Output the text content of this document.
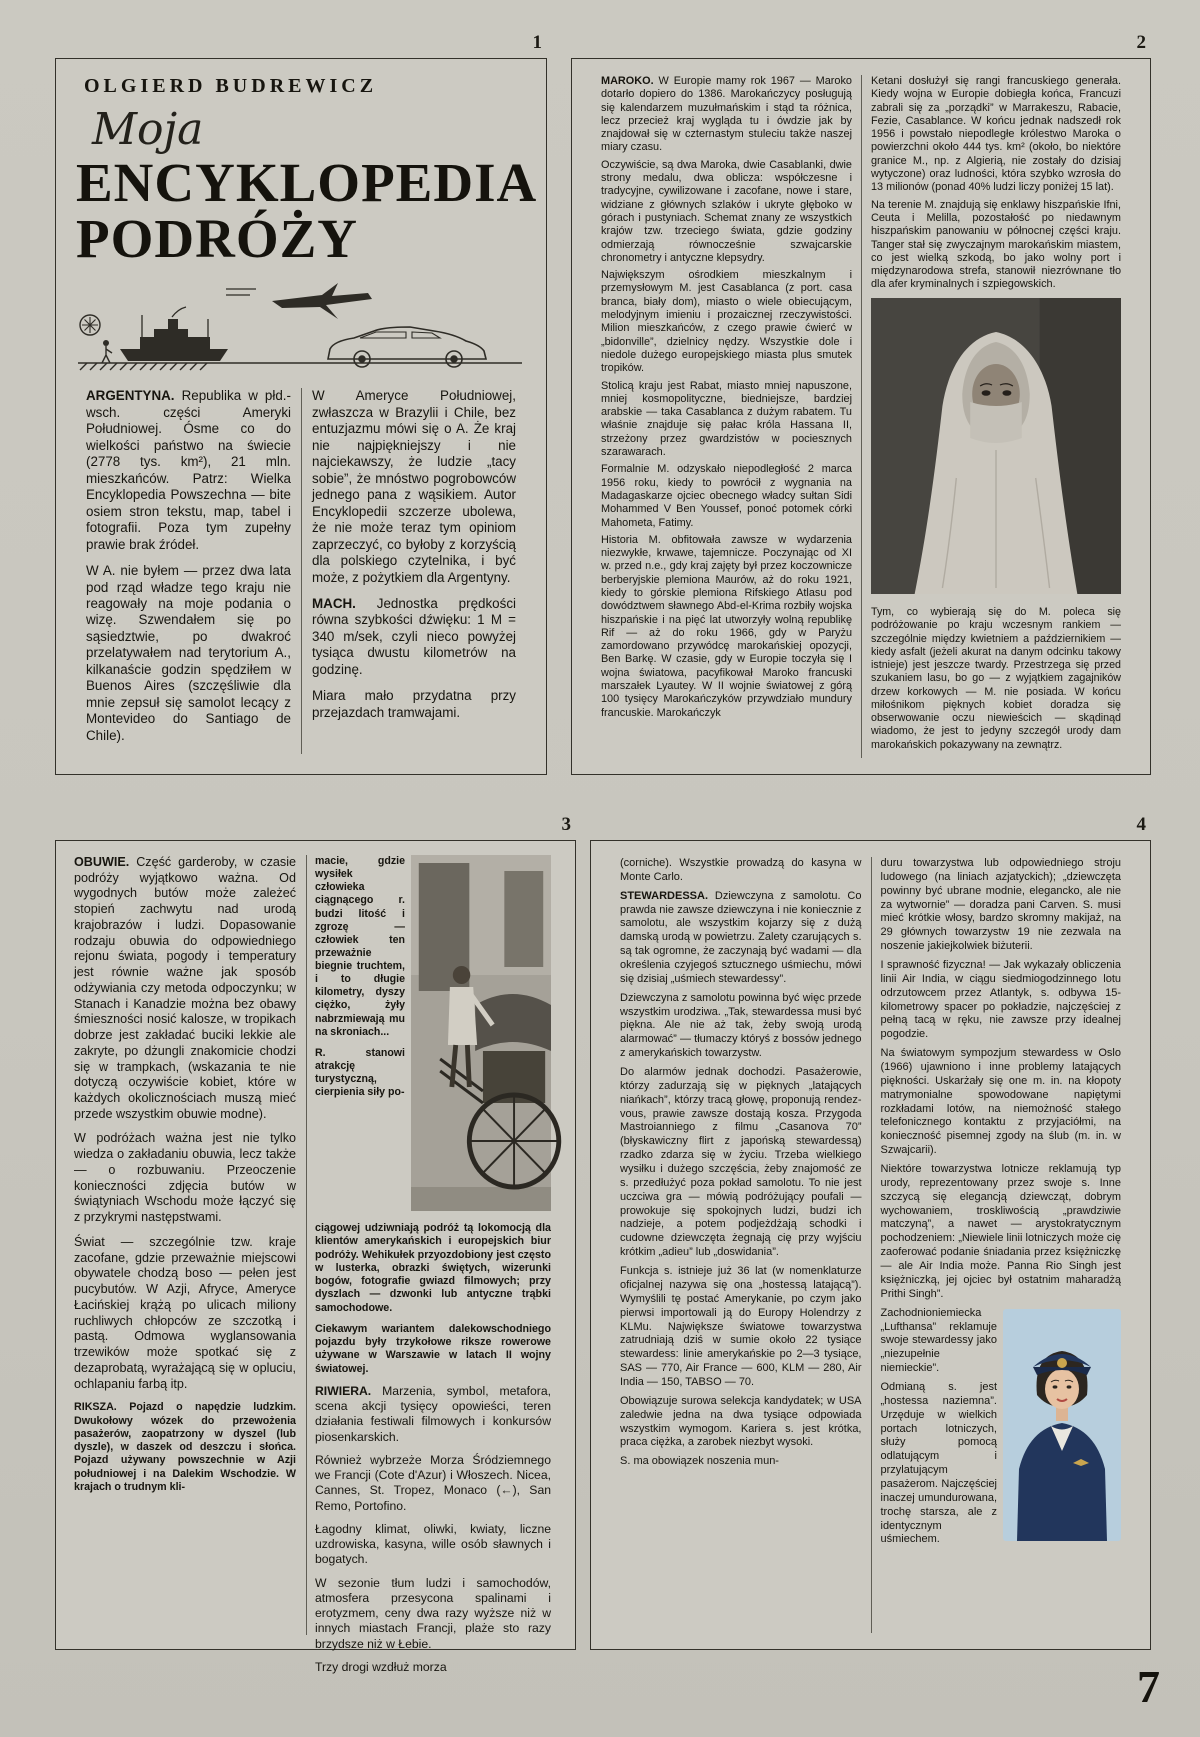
1
OLGIERD BUDREWICZ
Moja
ENCYKLOPEDIA
PODRÓŻY

ARGENTYNA. Republika w płd.-wsch. części Ameryki Południowej. Ósme co do wielkości państwo na świecie (2778 tys. km²), 21 mln. mieszkańców. Patrz: Wielka Encyklopedia Powszechna — bite osiem stron tekstu, map, tabel i fotografii. Poza tym zupełny prawie brak źródeł.

W A. nie byłem — przez dwa lata pod rząd władze tego kraju nie reagowały na moje podania o wizę. Szwendałem się po sąsiedztwie, po dwakroć przelatywałem nad terytorium A., kilkanaście godzin spędziłem w Buenos Aires (szczęśliwie dla mnie zepsuł się samolot lecący z Montevideo do Santiago de Chile).

W Ameryce Południowej, zwłaszcza w Brazylii i Chile, bez entuzjazmu mówi się o A. Że kraj nie najpiękniejszy i nie najciekawszy, że ludzie „tacy sobie”, że mnóstwo pogrobowców jednego pana z wąsikiem. Autor Encyklopedii szczerze ubolewa, że nie może teraz tym opiniom zaprzeczyć, co byłoby z korzyścią dla polskiego czytelnika, i być może, z pożytkiem dla Argentyny.

MACH. Jednostka prędkości równa szybkości dźwięku: 1 M = 340 m/sek, czyli nieco powyżej tysiąca dwustu kilometrów na godzinę.

Miara mało przydatna przy przejazdach tramwajami.

2

MAROKO. W Europie mamy rok 1967 — Maroko dotarło dopiero do 1386. Marokańczycy posługują się kalendarzem muzułmańskim i stąd ta różnica, lecz przecież kraj wygląda tu i ówdzie jak by znajdował się w czternastym stuleciu także naszej miary czasu.

Oczywiście, są dwa Maroka, dwie Casablanki, dwie strony medalu, dwa oblicza: współczesne i tradycyjne, cywilizowane i zacofane, nowe i stare, widziane z głównych szlaków i ukryte głęboko w górach i pustyniach. Schemat znany ze wszystkich krajów tzw. trzeciego świata, gdzie godziny odmierzają równocześnie szwajcarskie chronometry i antyczne klepsydry.

Największym ośrodkiem mieszkalnym i przemysłowym M. jest Casablanca (z port. casa branca, biały dom), miasto o wiele obiecującym, melodyjnym imieniu i prozaicznej rzeczywistości. Milion mieszkańców, z czego prawie ćwierć w „bidonville”, dzielnicy nędzy. Wszystkie dole i niedole dużego europejskiego miasta plus smutek tropików.

Stolicą kraju jest Rabat, miasto mniej napuszone, mniej kosmopolityczne, biedniejsze, bardziej arabskie — taka Casablanca z dużym rabatem. Tu właśnie znajduje się pałac króla Hassana II, strzeżony przez gwardzistów w pociesznych szarawarach.

Formalnie M. odzyskało niepodległość 2 marca 1956 roku, kiedy to powrócił z wygnania na Madagaskarze ojciec obecnego władcy sułtan Sidi Mohammed V Ben Youssef, ponoć potomek córki Mahometa, Fatimy.

Historia M. obfitowała zawsze w wydarzenia niezwykłe, krwawe, tajemnicze. Poczynając od XI w. przed n.e., gdy kraj zajęty był przez koczownicze berberyjskie plemiona Maurów, aż do roku 1921, kiedy to górskie plemiona Rifskiego Atlasu pod dowództwem sławnego Abd-el-Krima rozbiły wojska hiszpańskie i na pięć lat utworzyły wolną republikę Rif — aż do roku 1966, gdy w Paryżu zamordowano przywódcę marokańskiej opozycji, Ben Barkę. W czasie, gdy w Europie toczyła się I wojna światowa, pacyfikował Maroko francuski marszałek Lyautey. W II wojnie światowej z górą 100 tysięcy Marokańczyków przywdziało mundury francuskie. Marokańczyk

Ketani dosłużył się rangi francuskiego generała. Kiedy wojna w Europie dobiegła końca, Francuzi zabrali się za „porządki” w Marrakeszu, Rabacie, Fezie, Casablance. W końcu jednak nadszedł rok 1956 i powstało niepodległe królestwo Maroka o powierzchni około 444 tys. km² (około, bo niektóre granice M., np. z Algierią, nie zostały do dzisiaj wytyczone) oraz ludności, która szybko wzrosła do 13 milionów (ponad 40% ludzi liczy poniżej 15 lat).

Na terenie M. znajdują się enklawy hiszpańskie Ifni, Ceuta i Melilla, pozostałość po niedawnym hiszpańskim panowaniu w północnej części kraju. Tanger stał się zwyczajnym marokańskim miastem, co jest wielką szkodą, bo jako wolny port i międzynarodowa strefa, stanowił niezrównane tło dla afer kryminalnych i szpiegowskich.

Tym, co wybierają się do M. poleca się podróżowanie po kraju wczesnym rankiem — szczególnie między kwietniem a październikiem — kiedy asfalt (jeżeli akurat na danym odcinku takowy istnieje) jest jeszcze twardy. Przestrzega się przed szukaniem lasu, bo go — z wyjątkiem zagajników drzew korkowych — M. nie posiada. W końcu miłośnikom pięknych kobiet doradza się obserwowanie oczu niewieścich — skądinąd wiadomo, że jest to jedyny szczegół urody dam marokańskich pokazywany na zewnątrz.

3

OBUWIE. Część garderoby, w czasie podróży wyjątkowo ważna. Od wygodnych butów może zależeć stopień zachwytu nad urodą krajobrazów i ludzi. Dopasowanie rodzaju obuwia do odpowiedniego rejonu świata, pogody i temperatury jest równie ważne jak sposób odżywiania czy metoda odpoczynku; w Stanach i Kanadzie można bez obawy śmieszności nosić kalosze, w tropikach dobrze jest zakładać buciki lekkie ale zakryte, po dżungli znakomicie chodzi się w trampkach, (wskazania te nie dotyczą oczywiście kobiet, które w każdych okolicznościach muszą mieć przede wszystkim obuwie modne).

W podróżach ważna jest nie tylko wiedza o zakładaniu obuwia, lecz także — o rozbuwaniu. Przeoczenie konieczności zdjęcia butów w świątyniach Wschodu może łączyć się z przykrymi następstwami.

Świat — szczególnie tzw. kraje zacofane, gdzie przeważnie miejscowi obywatele chodzą boso — pełen jest pucybutów. W Azji, Afryce, Ameryce Łacińskiej krążą po ulicach miliony ruchliwych chłopców ze szczotką i pastą. Odmowa wyglansowania trzewików może spotkać się z dezaprobatą, wyrażającą się w opluciu, ochlapaniu farbą itp.

RIKSZA. Pojazd o napędzie ludzkim. Dwukołowy wózek do przewożenia pasażerów, zaopatrzony w dyszel (lub dyszle), w daszek od deszczu i słońca. Pojazd używany powszechnie w Azji południowej i na Dalekim Wschodzie. W krajach o trudnym kli-

macie, gdzie wysiłek człowieka ciągnącego r. budzi litość i zgrozę — człowiek ten przeważnie biegnie truchtem, i to długie kilometry, dyszy ciężko, żyły nabrzmiewają mu na skroniach...

R. stanowi atrakcję turystyczną, cierpienia siły po-

ciągowej udziwniają podróż tą lokomocją dla klientów amerykańskich i europejskich biur podróży. Wehikułek przyozdobiony jest często w lusterka, obrazki świętych, wizerunki bogów, fotografie gwiazd filmowych; przy dyszlach — dzwonki lub antyczne trąbki samochodowe.

Ciekawym wariantem dalekowschodniego pojazdu były trzykołowe riksze rowerowe używane w Warszawie w latach II wojny światowej.

RIWIERA. Marzenia, symbol, metafora, scena akcji tysięcy opowieści, teren działania festiwali filmowych i konkursów piosenkarskich.

Również wybrzeże Morza Śródziemnego we Francji (Cote d'Azur) i Włoszech. Nicea, Cannes, St. Tropez, Monaco (←), San Remo, Portofino.

Łagodny klimat, oliwki, kwiaty, liczne uzdrowiska, kasyna, wille osób sławnych i bogatych.

W sezonie tłum ludzi i samochodów, atmosfera przesycona spalinami i erotyzmem, ceny dwa razy wyższe niż w innych miastach Francji, plaże sto razy brzydsze niż w Łebie.

Trzy drogi wzdłuż morza

4

(corniche). Wszystkie prowadzą do kasyna w Monte Carlo.

STEWARDESSA. Dziewczyna z samolotu. Co prawda nie zawsze dziewczyna i nie koniecznie z samolotu, ale wszystkim kojarzy się z dużą damską urodą w powietrzu. Zalety czarujących s. są tak ogromne, że zaczynają być wadami — dla określenia czyjegoś sztucznego uśmiechu, mówi się dzisiaj „uśmiech stewardessy”.

Dziewczyna z samolotu powinna być więc przede wszystkim urodziwa. „Tak, stewardessa musi być piękna. Ale nie aż tak, żeby swoją urodą alarmować” — tłumaczy któryś z bossów jednego z amerykańskich towarzystw.

Do alarmów jednak dochodzi. Pasażerowie, którzy zadurzają się w pięknych „latających niańkach”, którzy tracą głowę, proponują rendez-vous, prawie zawsze dostają kosza. Przygoda Mastroianniego z filmu „Casanova 70” (błyskawiczny flirt z japońską stewardessą) rzadko zdarza się w życiu. Trzeba wielkiego wysiłku i dużego szczęścia, żeby znajomość ze s. przedłużyć poza pokład samolotu. To nie jest uczciwa gra — mówią podróżujący poufali — prowokuje się spokojnych ludzi, budzi ich nadzieje, a potem podjeżdżają schodki i cudowne dziewczęta żegnają cię przy wyjściu krótkim „adieu” lub „doswidania”.

Funkcja s. istnieje już 36 lat (w nomenklaturze oficjalnej nazywa się ona „hostessą latającą”). Wymyślili tę postać Amerykanie, po czym jako pierwsi importowali ją do Europy Holendrzy z KLMu. Największe światowe towarzystwa zatrudniają dziś w sumie około 22 tysiące stewardess: linie amerykańskie po 2—3 tysiące, SAS — 770, Air France — 600, KLM — 280, Air India — 150, TABSO — 70.

Obowiązuje surowa selekcja kandydatek; w USA zaledwie jedna na dwa tysiące odpowiada wszystkim wymogom. Kariera s. jest krótka, praca ciężka, a zarobek niezbyt wysoki.

S. ma obowiązek noszenia mun-

duru towarzystwa lub odpowiedniego stroju ludowego (na liniach azjatyckich); „dziewczęta powinny być ubrane modnie, elegancko, ale nie za wytwornie” — doradza pani Carven. S. musi mieć krótkie włosy, bardzo skromny makijaż, na 29 głównych towarzystw 19 nie zezwala na noszenie jakiejkolwiek biżuterii.

I sprawność fizyczna! — Jak wykazały obliczenia linii Air India, w ciągu siedmiogodzinnego lotu odrzutowcem przez Atlantyk, s. odbywa 15-kilometrowy spacer po pokładzie, najczęściej z pełną tacą w ręku, nie zawsze przy idealnej pogodzie.

Na światowym sympozjum stewardess w Oslo (1966) ujawniono i inne problemy latających piękności. Uskarżały się one m. in. na kłopoty matrymonialne spowodowane napiętymi rozkładami lotów, na niemożność stałego telefonicznego kontaktu z przyjaciółmi, na konieczność pisemnej zgody na ślub (m. in. w Szwajcarii).

Niektóre towarzystwa lotnicze reklamują typ urody, reprezentowany przez swoje s. Inne szczycą się elegancją dziewcząt, dobrym wychowaniem, troskliwością „prawdziwie matczyną”, a nawet — arystokratycznym pochodzeniem: „Niewiele linii lotniczych może cię zaoferować podanie śniadania przez księżniczkę — ale Air India może. Panna Rio Singh jest księżniczką, jej ojciec był ostatnim maharadżą Prithi Singh”.

Zachodnioniemiecka „Lufthansa” reklamuje swoje stewardessy jako „niezupełnie niemieckie”.

Odmianą s. jest „hostessa naziemna”. Urzęduje w wielkich portach lotniczych, służy pomocą odlatującym i przylatującym pasażerom. Najczęściej inaczej umundurowana, trochę starsza, ale z identycznym uśmiechem.

7
